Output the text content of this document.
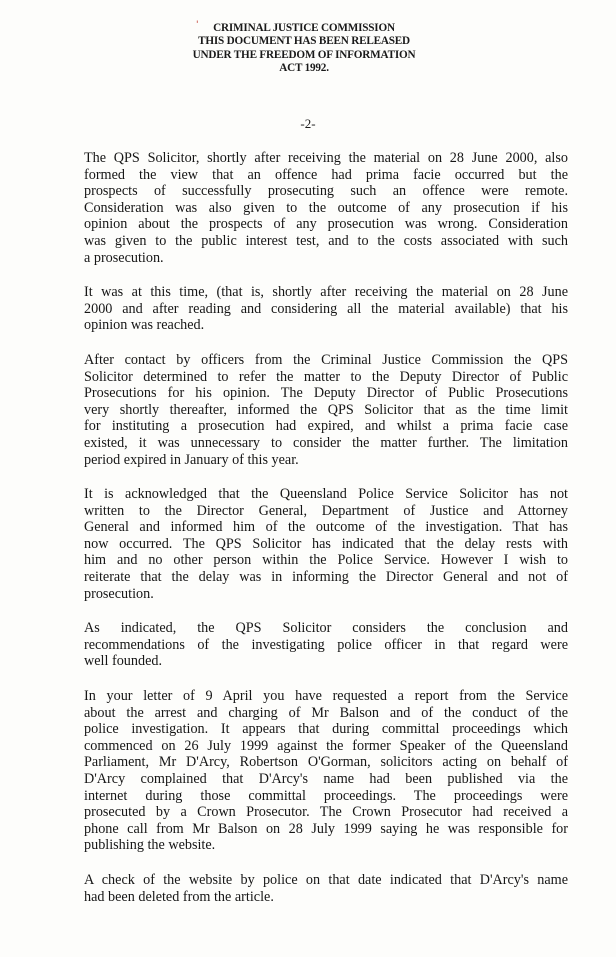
'	CRIMINAL JUSTICE COMMISSION
THIS DOCUMENT HAS BEEN RELEASED
UNDER THE FREEDOM OF INFORMATION
ACT 1992.
-2-

The QPS Solicitor, shortly after receiving the material on 28 June 2000, also
formed the view that an offence had prima facie occurred but the
prospects of successfully prosecuting such an offence were remote.
Consideration was also given to the outcome of any prosecution if his
opinion about the prospects of any prosecution was wrong. Consideration
was given to the public interest test, and to the costs associated with such
a prosecution.

It was at this time, (that is, shortly after receiving the material on 28 June
2000 and after reading and considering all the material available) that his
opinion was reached.

After contact by officers from the Criminal Justice Commission the QPS
Solicitor determined to refer the matter to the Deputy Director of Public
Prosecutions for his opinion. The Deputy Director of Public Prosecutions
very shortly thereafter, informed the QPS Solicitor that as the time limit
for instituting a prosecution had expired, and whilst a prima facie case
existed, it was unnecessary to consider the matter further. The limitation
period expired in January of this year.

It is acknowledged that the Queensland Police Service Solicitor has not
written to the Director General, Department of Justice and Attorney
General and informed him of the outcome of the investigation. That has
now occurred. The QPS Solicitor has indicated that the delay rests with
him and no other person within the Police Service. However I wish to
reiterate that the delay was in informing the Director General and not of
prosecution.

As indicated, the QPS Solicitor considers the conclusion and
recommendations of the investigating police officer in that regard were
well founded.

In your letter of 9 April you have requested a report from the Service
about the arrest and charging of Mr Balson and of the conduct of the
police investigation. It appears that during committal proceedings which
commenced on 26 July 1999 against the former Speaker of the Queensland
Parliament, Mr D'Arcy, Robertson O'Gorman, solicitors acting on behalf of
D'Arcy complained that D'Arcy's name had been published via the
internet during those committal proceedings. The proceedings were
prosecuted by a Crown Prosecutor. The Crown Prosecutor had received a
phone call from Mr Balson on 28 July 1999 saying he was responsible for
publishing the website.

A check of the website by police on that date indicated that D'Arcy's name
had been deleted from the article.
